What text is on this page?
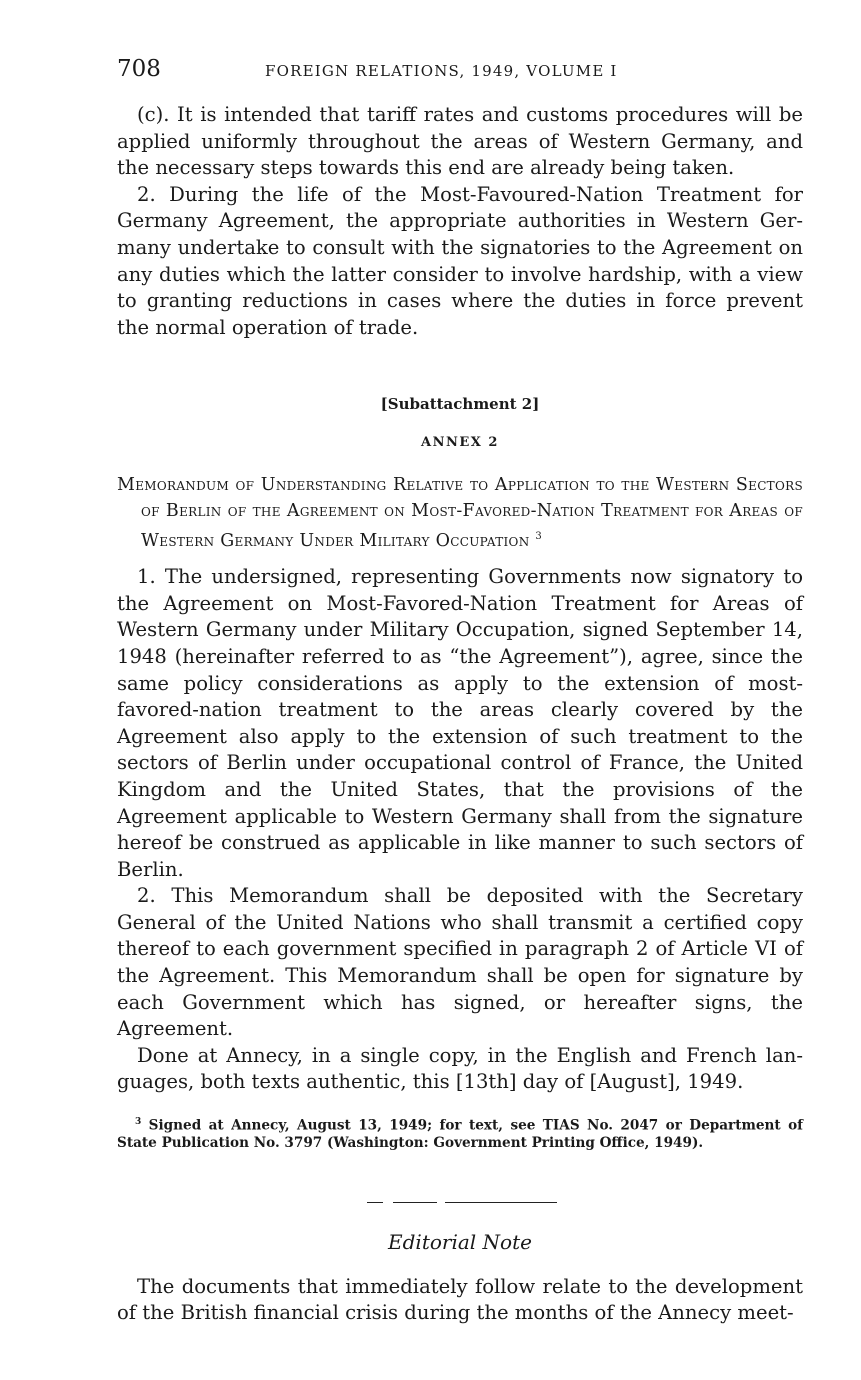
708	FOREIGN RELATIONS, 1949, VOLUME I

(c). It is intended that tariff rates and customs procedures will be applied uniformly throughout the areas of Western Germany, and the necessary steps towards this end are already being taken.

2. During the life of the Most-Favoured-Nation Treatment for Germany Agreement, the appropriate authorities in Western Germany undertake to consult with the signatories to the Agreement on any duties which the latter consider to involve hardship, with a view to granting reductions in cases where the duties in force prevent the normal operation of trade.

[Subattachment 2]

ANNEX 2

Memorandum of Understanding Relative to Application to the Western Sectors of Berlin of the Agreement on Most-Favored-Nation Treatment for Areas of Western Germany Under Military Occupation $^3$

1. The undersigned, representing Governments now signatory to the Agreement on Most-Favored-Nation Treatment for Areas of Western Germany under Military Occupation, signed September 14, 1948 (hereinafter referred to as “the Agreement”), agree, since the same policy considerations as apply to the extension of most-favored-nation treatment to the areas clearly covered by the Agreement also apply to the extension of such treatment to the sectors of Berlin under occupational control of France, the United Kingdom and the United States, that the provisions of the Agreement applicable to Western Germany shall from the signature hereof be construed as applicable in like manner to such sectors of Berlin.

2. This Memorandum shall be deposited with the Secretary General of the United Nations who shall transmit a certified copy thereof to each government specified in paragraph 2 of Article VI of the Agreement. This Memorandum shall be open for signature by each Government which has signed, or hereafter signs, the Agreement.

Done at Annecy, in a single copy, in the English and French languages, both texts authentic, this [13th] day of [August], 1949.

$^3$ Signed at Annecy, August 13, 1949; for text, see TIAS No. 2047 or Department of State Publication No. 3797 (Washington: Government Printing Office, 1949).

Editorial Note

The documents that immediately follow relate to the development of the British financial crisis during the months of the Annecy meet-
